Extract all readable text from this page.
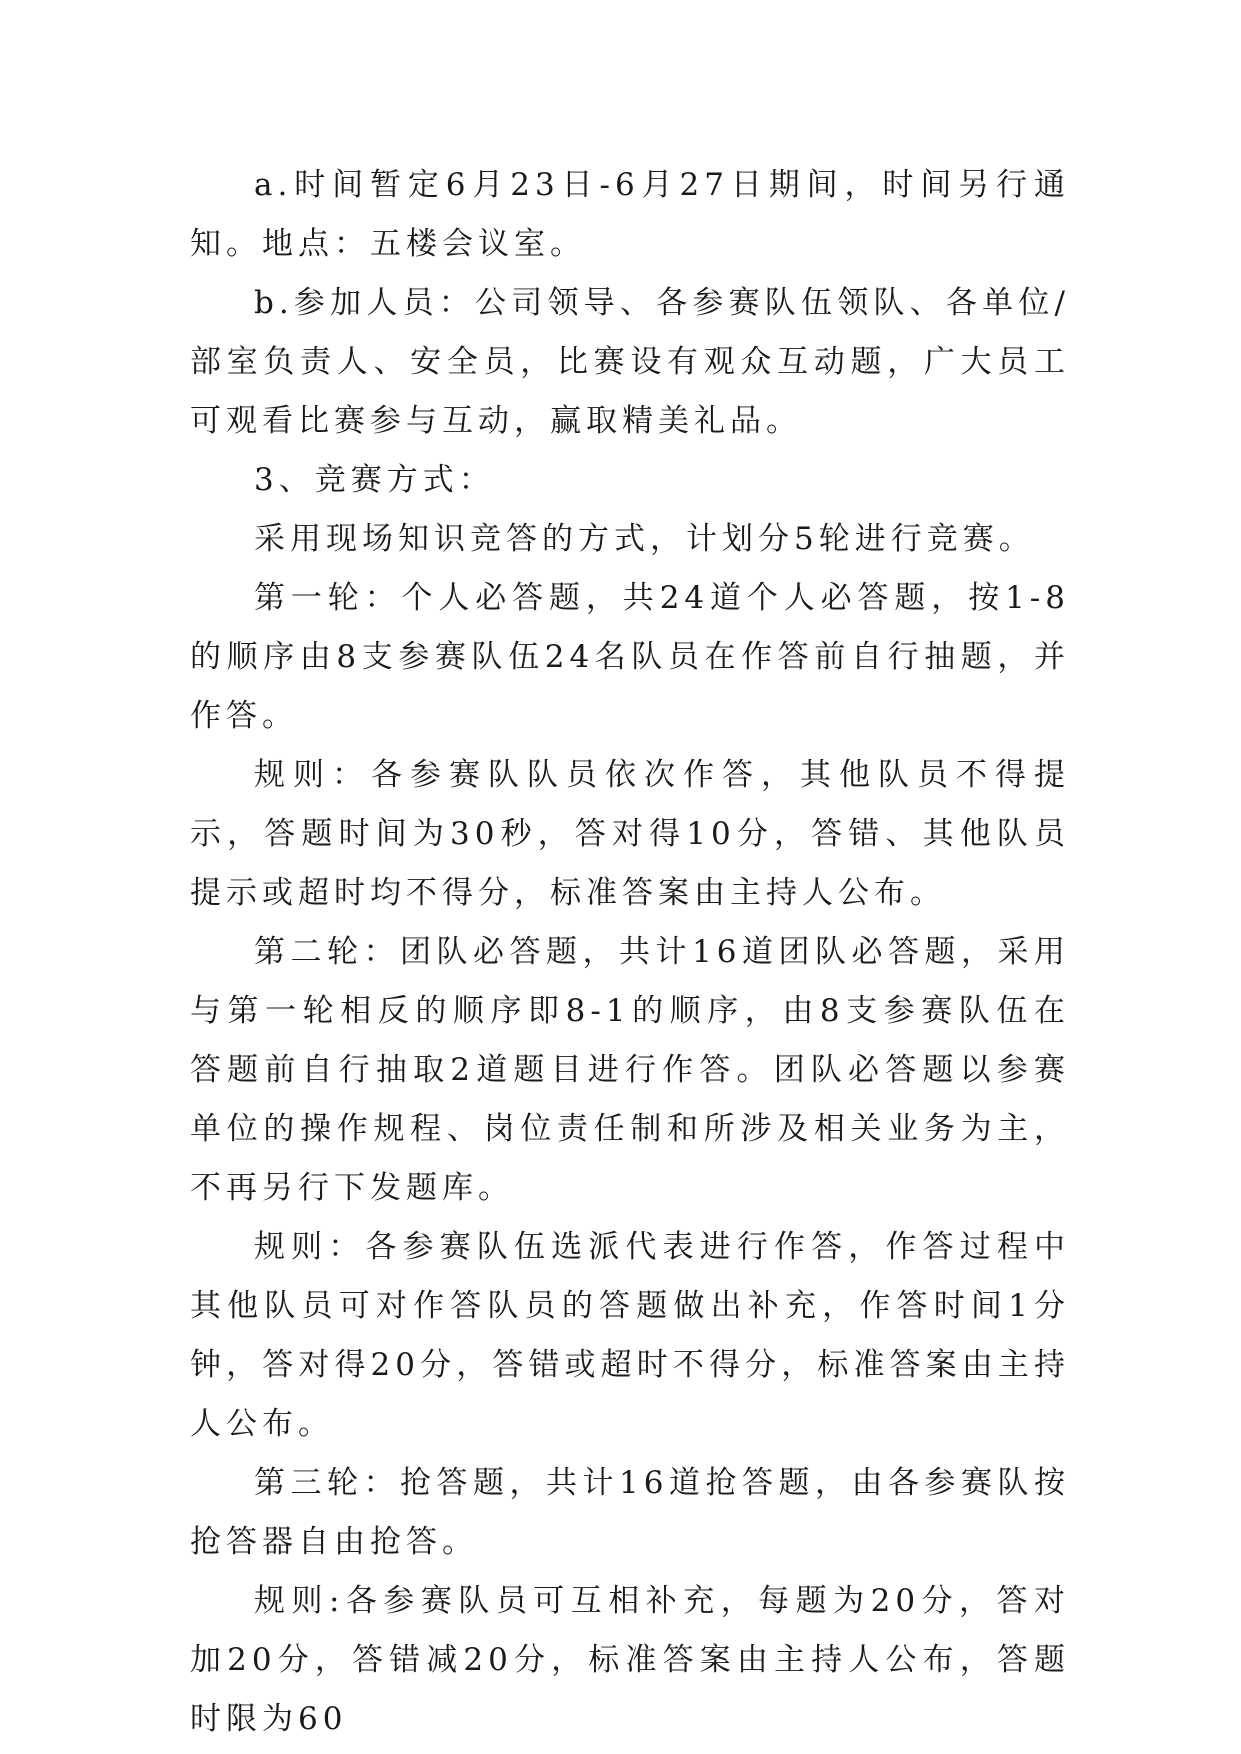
a.时间暂定6月23日-6月27日期间，时间另行通知。地点：五楼会议室。

b.参加人员：公司领导、各参赛队伍领队、各单位/部室负责人、安全员，比赛设有观众互动题，广大员工可观看比赛参与互动，赢取精美礼品。

3、竞赛方式：

采用现场知识竞答的方式，计划分5轮进行竞赛。

第一轮：个人必答题，共24道个人必答题，按1-8的顺序由8支参赛队伍24名队员在作答前自行抽题，并作答。

规则：各参赛队队员依次作答，其他队员不得提示，答题时间为30秒，答对得10分，答错、其他队员提示或超时均不得分，标准答案由主持人公布。

第二轮：团队必答题，共计16道团队必答题，采用与第一轮相反的顺序即8-1的顺序，由8支参赛队伍在答题前自行抽取2道题目进行作答。团队必答题以参赛单位的操作规程、岗位责任制和所涉及相关业务为主，不再另行下发题库。

规则：各参赛队伍选派代表进行作答，作答过程中其他队员可对作答队员的答题做出补充，作答时间1分钟，答对得20分，答错或超时不得分，标准答案由主持人公布。

第三轮：抢答题，共计16道抢答题，由各参赛队按抢答器自由抢答。

规则:各参赛队员可互相补充，每题为20分，答对加20分，答错减20分，标准答案由主持人公布，答题时限为60
